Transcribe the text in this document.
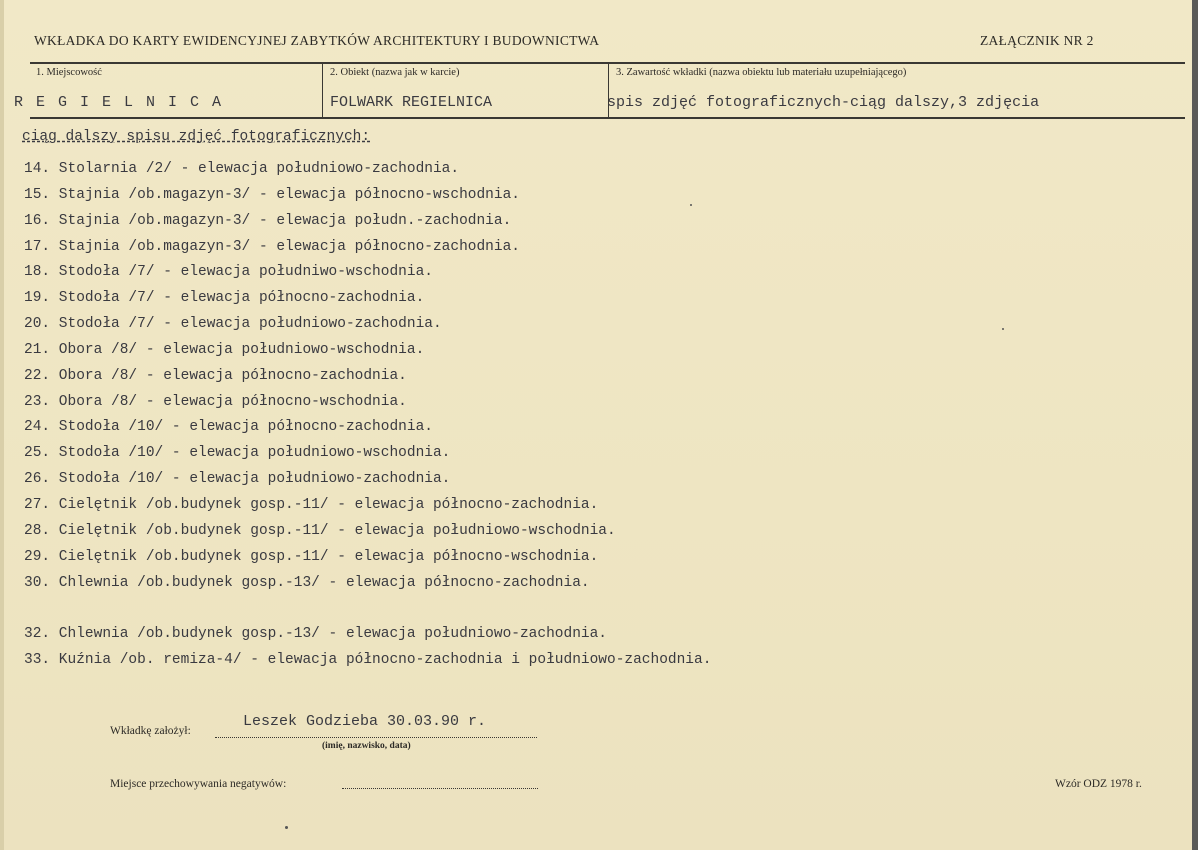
WKŁADKA DO KARTY EWIDENCYJNEJ ZABYTKÓW ARCHITEKTURY I BUDOWNICTWA	ZAŁĄCZNIK NR 2
1. Miejscowość	2. Obiekt (nazwa jak w karcie)	3. Zawartość wkładki (nazwa obiektu lub materiału uzupełniającego)
R E G I E L N I C A	FOLWARK REGIELNICA	spis zdjęć fotograficznych-ciąg dalszy,3 zdjęcia
ciąg dalszy spisu zdjęć fotograficznych:
14. Stolarnia /2/ - elewacja południowo-zachodnia.
15. Stajnia /ob.magazyn-3/ - elewacja północno-wschodnia.
16. Stajnia /ob.magazyn-3/ - elewacja połudn.-zachodnia.
17. Stajnia /ob.magazyn-3/ - elewacja północno-zachodnia.
18. Stodoła /7/ - elewacja południwo-wschodnia.
19. Stodoła /7/ - elewacja północno-zachodnia.
20. Stodoła /7/ - elewacja południowo-zachodnia.
21. Obora /8/ - elewacja południowo-wschodnia.
22. Obora /8/ - elewacja północno-zachodnia.
23. Obora /8/ - elewacja północno-wschodnia.
24. Stodoła /10/ - elewacja północno-zachodnia.
25. Stodoła /10/ - elewacja południowo-wschodnia.
26. Stodoła /10/ - elewacja południowo-zachodnia.
27. Cielętnik /ob.budynek gosp.-11/ - elewacja północno-zachodnia.
28. Cielętnik /ob.budynek gosp.-11/ - elewacja południowo-wschodnia.
29. Cielętnik /ob.budynek gosp.-11/ - elewacja północno-wschodnia.
30. Chlewnia /ob.budynek gosp.-13/ - elewacja północno-zachodnia.
32. Chlewnia /ob.budynek gosp.-13/ - elewacja południowo-zachodnia.
33. Kuźnia /ob. remiza-4/ - elewacja północno-zachodnia i południowo-zachodnia.
Wkładkę założył:
Leszek Godzieba 30.03.90 r.
(imię, nazwisko, data)
Miejsce przechowywania negatywów:	Wzór ODZ 1978 r.
